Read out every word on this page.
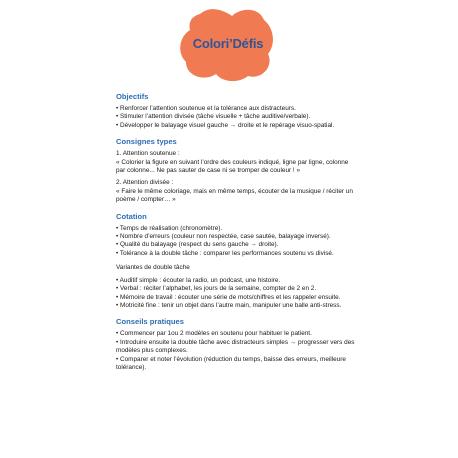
Colori’Défis
Objectifs
• Renforcer l’attention soutenue et la tolérance aux distracteurs.
• Stimuler l’attention divisée (tâche visuelle + tâche auditive/verbale).
• Développer le balayage visuel gauche → droite et le repérage visuo-spatial.
Consignes types
1. Attention soutenue :
« Colorier la figure en suivant l’ordre des couleurs indiqué, ligne par ligne, colonne
par colonne... Ne pas sauter de case ni se tromper de couleur ! »
2. Attention divisée :
« Faire le même coloriage, mais en même temps, écouter de la musique / réciter un
poème / compter… »
Cotation
• Temps de réalisation (chronomètre).
• Nombre d’erreurs (couleur non respectée, case sautée, balayage inversé).
• Qualité du balayage (respect du sens gauche → droite).
• Tolérance à la double tâche : comparer les performances soutenu vs divisé.
Variantes de double tâche
• Auditif simple : écouter la radio, un podcast, une histoire.
• Verbal : réciter l’alphabet, les jours de la semaine, compter de 2 en 2.
• Mémoire de travail : écouter une série de mots/chiffres et les rappeler ensuite.
• Motricité fine : tenir un objet dans l’autre main, manipuler une balle anti-stress.
Conseils pratiques
• Commencer par 1ou 2 modèles en soutenu pour habituer le patient.
• Introduire ensuite la double tâche avec distracteurs simples → progresser vers des
modèles plus complexes.
• Comparer et noter l’évolution (réduction du temps, baisse des erreurs, meilleure
tolérance).
